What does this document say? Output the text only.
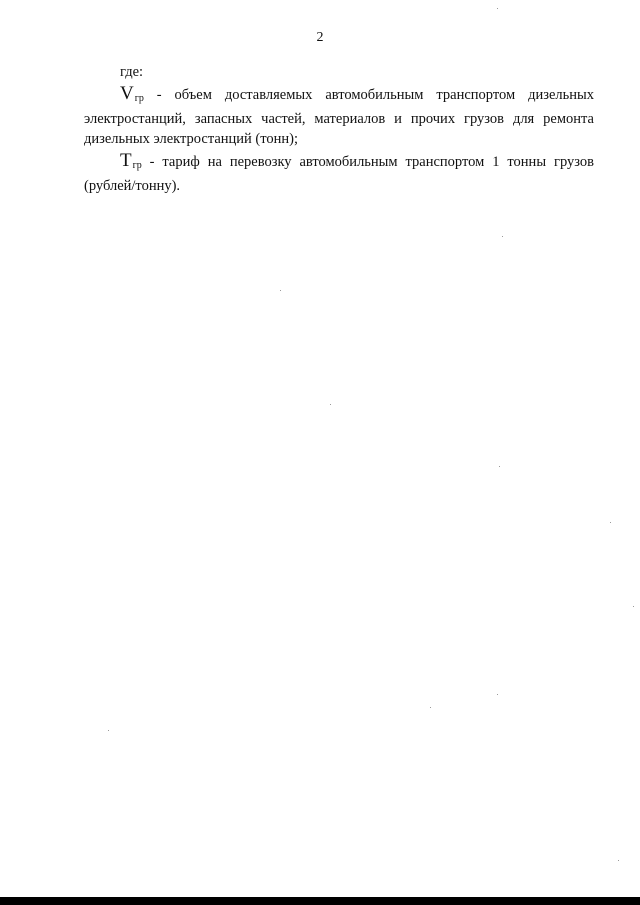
2

где:

$V_{гр}$ - объем доставляемых автомобильным транспортом дизельных электростанций, запасных частей, материалов и прочих грузов для ремонта дизельных электростанций (тонн);

$Т_{гр}$ - тариф на перевозку автомобильным транспортом 1 тонны грузов (рублей/тонну).
